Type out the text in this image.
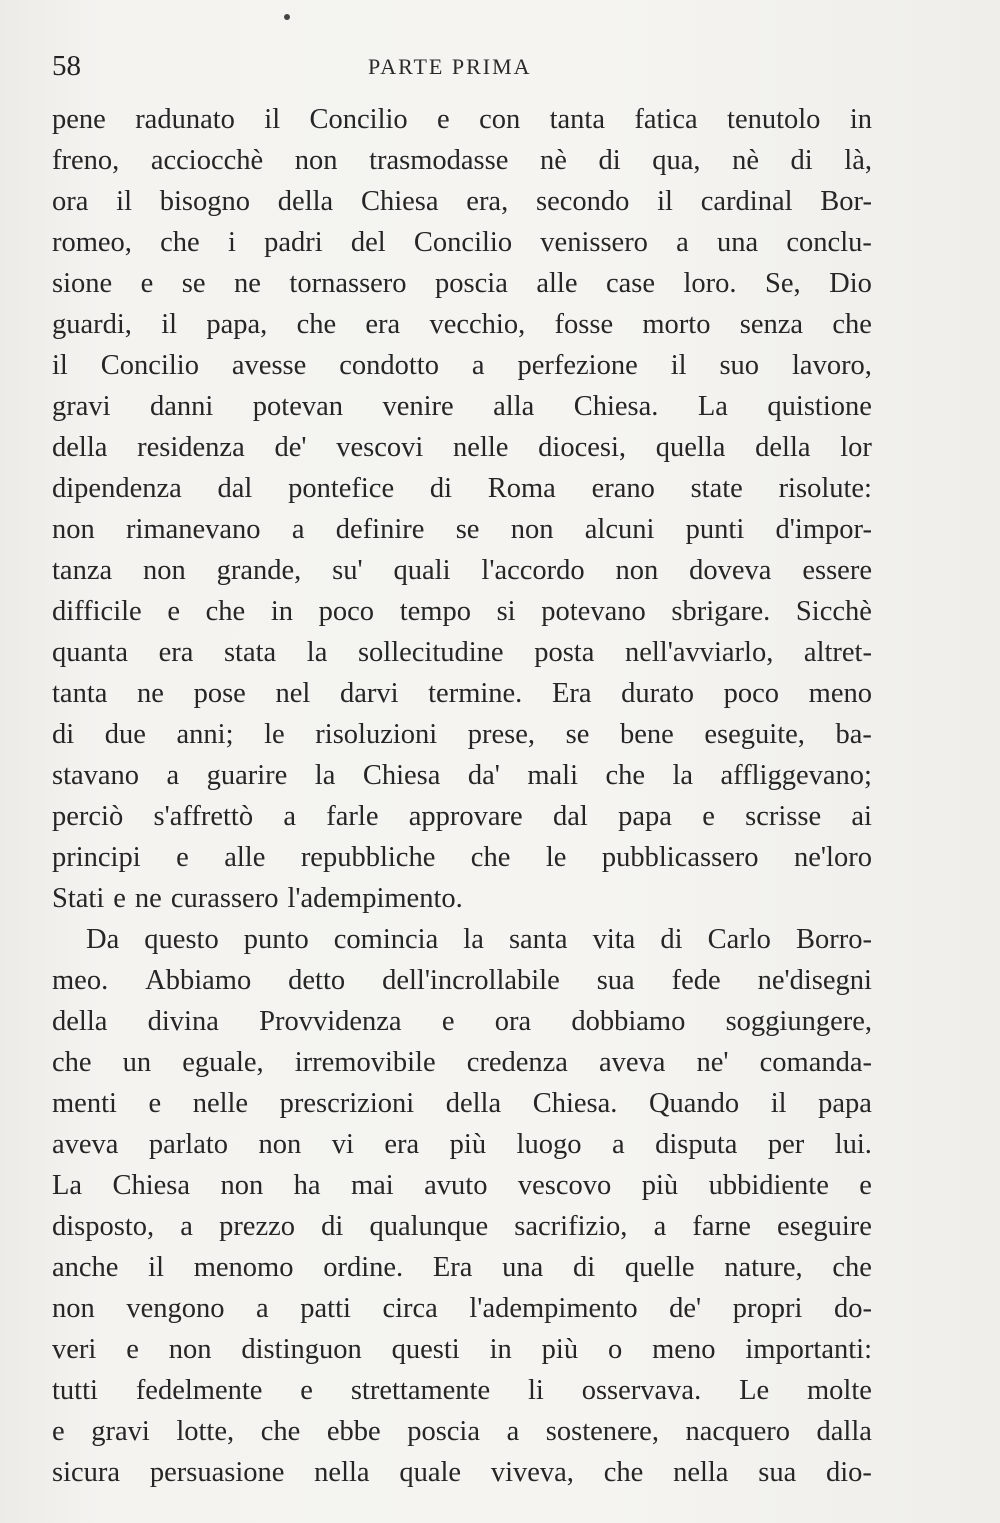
58	PARTE PRIMA
pene radunato il Concilio e con tanta fatica tenutolo in
freno, acciocchè non trasmodasse nè di qua, nè di là,
ora il bisogno della Chiesa era, secondo il cardinal Bor-
romeo, che i padri del Concilio venissero a una conclu-
sione e se ne tornassero poscia alle case loro. Se, Dio
guardi, il papa, che era vecchio, fosse morto senza che
il Concilio avesse condotto a perfezione il suo lavoro,
gravi danni potevan venire alla Chiesa. La quistione
della residenza de' vescovi nelle diocesi, quella della lor
dipendenza dal pontefice di Roma erano state risolute:
non rimanevano a definire se non alcuni punti d'impor-
tanza non grande, su' quali l'accordo non doveva essere
difficile e che in poco tempo si potevano sbrigare. Sicchè
quanta era stata la sollecitudine posta nell'avviarlo, altret-
tanta ne pose nel darvi termine. Era durato poco meno
di due anni; le risoluzioni prese, se bene eseguite, ba-
stavano a guarire la Chiesa da' mali che la affliggevano;
perciò s'affrettò a farle approvare dal papa e scrisse ai
principi e alle repubbliche che le pubblicassero ne'loro
Stati e ne curassero l'adempimento.
Da questo punto comincia la santa vita di Carlo Borro-
meo. Abbiamo detto dell'incrollabile sua fede ne'disegni
della divina Provvidenza e ora dobbiamo soggiungere,
che un eguale, irremovibile credenza aveva ne' comanda-
menti e nelle prescrizioni della Chiesa. Quando il papa
aveva parlato non vi era più luogo a disputa per lui.
La Chiesa non ha mai avuto vescovo più ubbidiente e
disposto, a prezzo di qualunque sacrifizio, a farne eseguire
anche il menomo ordine. Era una di quelle nature, che
non vengono a patti circa l'adempimento de' propri do-
veri e non distinguon questi in più o meno importanti:
tutti fedelmente e strettamente li osservava. Le molte
e gravi lotte, che ebbe poscia a sostenere, nacquero dalla
sicura persuasione nella quale viveva, che nella sua dio-
